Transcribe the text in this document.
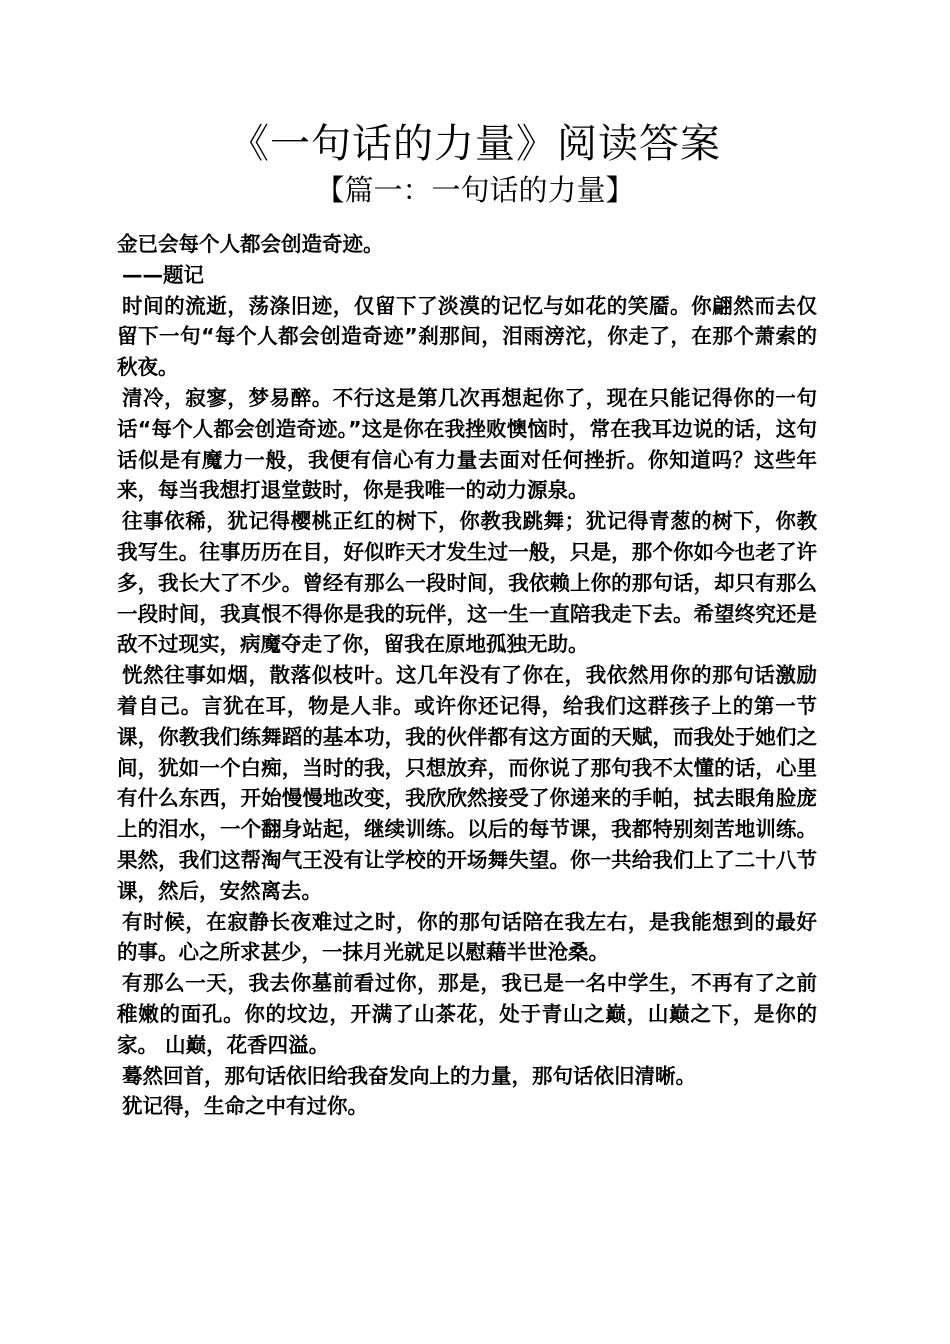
《一句话的力量》阅读答案
【篇一：一句话的力量】

金已会每个人都会创造奇迹。

——题记

时间的流逝，荡涤旧迹，仅留下了淡漠的记忆与如花的笑靥。你翩然而去仅留下一句“每个人都会创造奇迹”刹那间，泪雨滂沱，你走了，在那个萧索的秋夜。

清冷，寂寥，梦易醉。不行这是第几次再想起你了，现在只能记得你的一句话“每个人都会创造奇迹。”这是你在我挫败懊恼时，常在我耳边说的话，这句话似是有魔力一般，我便有信心有力量去面对任何挫折。你知道吗？这些年来，每当我想打退堂鼓时，你是我唯一的动力源泉。

往事依稀，犹记得樱桃正红的树下，你教我跳舞；犹记得青葱的树下，你教我写生。往事历历在目，好似昨天才发生过一般，只是，那个你如今也老了许多，我长大了不少。曾经有那么一段时间，我依赖上你的那句话，却只有那么一段时间，我真恨不得你是我的玩伴，这一生一直陪我走下去。希望终究还是敌不过现实，病魔夺走了你，留我在原地孤独无助。

恍然往事如烟，散落似枝叶。这几年没有了你在，我依然用你的那句话激励着自己。言犹在耳，物是人非。或许你还记得，给我们这群孩子上的第一节课，你教我们练舞蹈的基本功，我的伙伴都有这方面的天赋，而我处于她们之间，犹如一个白痴，当时的我，只想放弃，而你说了那句我不太懂的话，心里有什么东西，开始慢慢地改变，我欣欣然接受了你递来的手帕，拭去眼角脸庞上的泪水，一个翻身站起，继续训练。以后的每节课，我都特别刻苦地训练。果然，我们这帮淘气王没有让学校的开场舞失望。你一共给我们上了二十八节课，然后，安然离去。

有时候，在寂静长夜难过之时，你的那句话陪在我左右，是我能想到的最好的事。心之所求甚少，一抹月光就足以慰藉半世沧桑。

有那么一天，我去你墓前看过你，那是，我已是一名中学生，不再有了之前稚嫩的面孔。你的坟边，开满了山茶花，处于青山之巅，山巅之下，是你的家。 山巅，花香四溢。

蓦然回首，那句话依旧给我奋发向上的力量，那句话依旧清晰。

犹记得，生命之中有过你。
